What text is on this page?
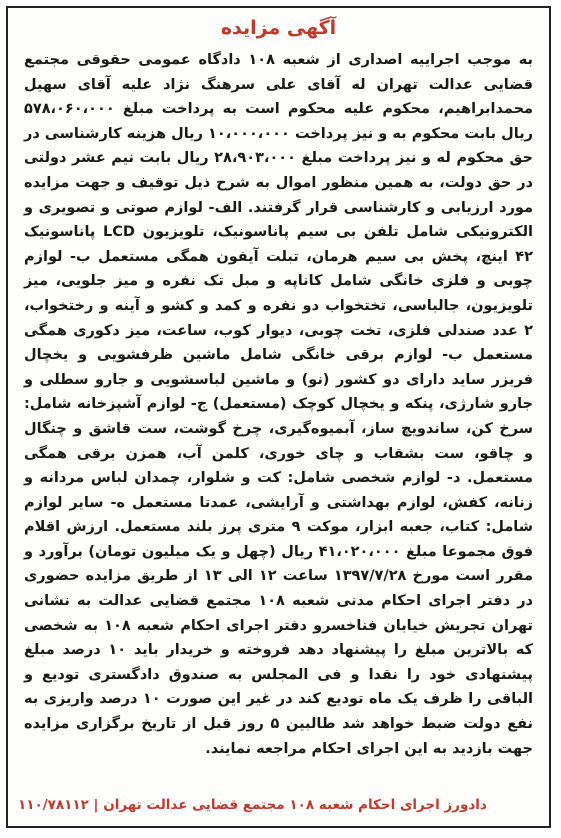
آگهی مزایده
به موجب اجراییه اصداری از شعبه ۱۰۸ دادگاه عمومی حقوقی مجتمع قضایی عدالت تهران له آقای علی سرهنگ نژاد علیه آقای سهیل محمدابراهیم، محکوم علیه محکوم است به پرداخت مبلغ ۵۷۸،۰۶۰،۰۰۰ ریال بابت محکوم به و نیز پرداخت ۱۰،۰۰۰،۰۰۰ ریال هزینه کارشناسی در حق محکوم له و نیز پرداخت مبلغ ۲۸،۹۰۳،۰۰۰ ریال بابت نیم عشر دولتی در حق دولت، به همین منظور اموال به شرح ذیل توقیف و جهت مزایده مورد ارزیابی و کارشناسی قرار گرفتند. الف- لوازم صوتی و تصویری و الکترونیکی شامل تلفن بی سیم پاناسونیک، تلویزیون LCD پاناسونیک ۴۲ اینچ، پخش بی سیم هرمان، تبلت آیفون همگی مستعمل ب- لوازم چوبی و فلزی خانگی شامل کاناپه و مبل تک نفره و میز جلویی، میز تلویزیون، جالباسی، تختخواب دو نفره و کمد و کشو و آینه و رختخواب، ۲ عدد صندلی فلزی، تخت چوبی، دیوار کوب، ساعت، میز دکوری همگی مستعمل ب- لوازم برقی خانگی شامل ماشین ظرفشویی و یخچال فریزر ساید دارای دو کشور (نو) و ماشین لباسشویی و جارو سطلی و جارو شارژی، پنکه و یخچال کوچک (مستعمل) ج- لوازم آشپزخانه شامل: سرخ کن، ساندویچ ساز، آبمیوه‌گیری، چرخ گوشت، ست قاشق و چنگال و چاقو، ست بشقاب و چای خوری، کلمن آب، همزن برقی همگی مستعمل. د- لوازم شخصی شامل: کت و شلوار، چمدان لباس مردانه و زنانه، کفش، لوازم بهداشتی و آرایشی، عمدتا مستعمل ه- سایر لوازم شامل: کتاب، جعبه ابزار، موکت ۹ متری پرز بلند مستعمل. ارزش اقلام فوق مجموعا مبلغ ۴۱،۰۲۰،۰۰۰ ریال (چهل و یک میلیون تومان) برآورد و مقرر است مورخ ۱۳۹۷/۷/۲۸ ساعت ۱۲ الی ۱۳ از طریق مزایده حضوری در دفتر اجرای احکام مدنی شعبه ۱۰۸ مجتمع قضایی عدالت به نشانی تهران تجریش خیابان فناخسرو دفتر اجرای احکام شعبه ۱۰۸ به شخصی که بالاترین مبلغ را پیشنهاد دهد فروخته و خریدار باید ۱۰ درصد مبلغ پیشنهادی خود را نقدا و فی المجلس به صندوق دادگستری تودیع و الباقی را ظرف یک ماه تودیع کند در غیر این صورت ۱۰ درصد واریزی به نفع دولت ضبط خواهد شد طالبین ۵ روز قبل از تاریخ برگزاری مزایده جهت بازدید به این اجرای احکام مراجعه نمایند.
دادورز اجرای احکام شعبه ۱۰۸ مجتمع قضایی عدالت تهران | ۱۱۰/۷۸۱۱۲
